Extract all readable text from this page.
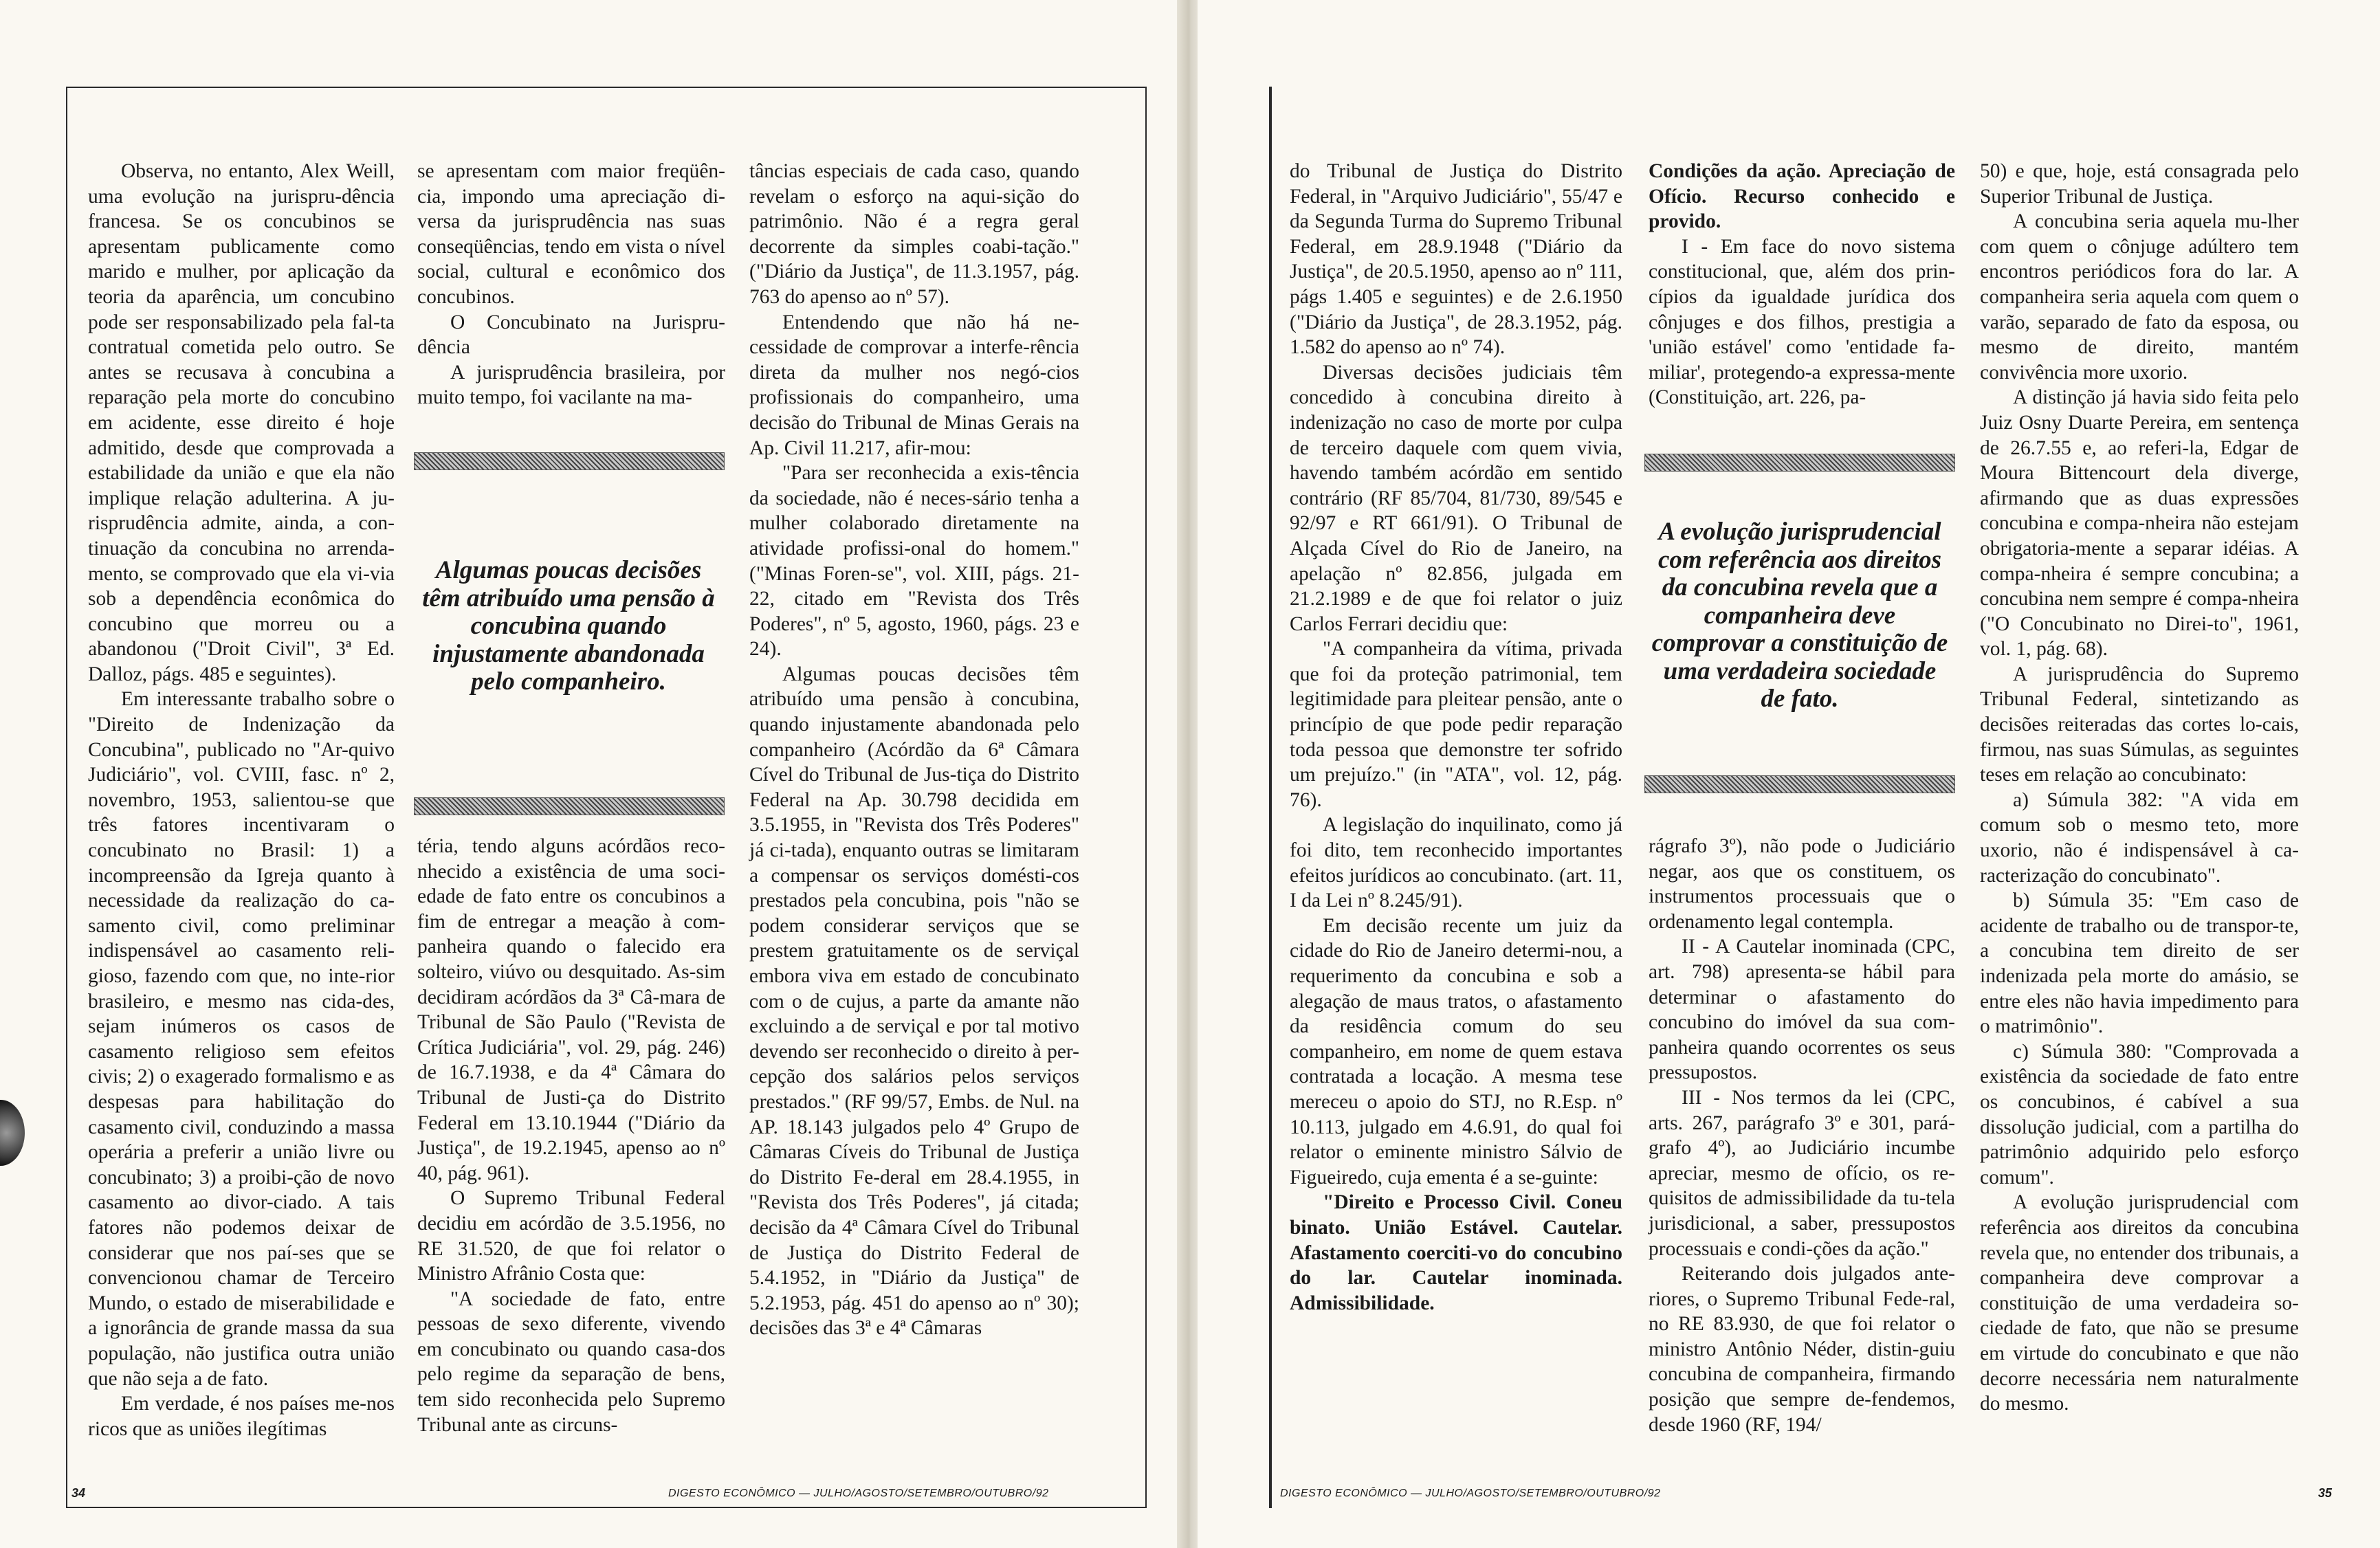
Observa, no entanto, Alex Weill, uma evolução na jurispru-dência francesa. Se os concubinos se apresentam publicamente como marido e mulher, por aplicação da teoria da aparência, um concubino pode ser responsabilizado pela fal-ta contratual cometida pelo outro. Se antes se recusava à concubina a reparação pela morte do concubino em acidente, esse direito é hoje admitido, desde que comprovada a estabilidade da união e que ela não implique relação adulterina. A ju-risprudência admite, ainda, a con-tinuação da concubina no arrenda-mento, se comprovado que ela vi-via sob a dependência econômica do concubino que morreu ou a abandonou ("Droit Civil", 3ª Ed. Dalloz, págs. 485 e seguintes).

Em interessante trabalho sobre o "Direito de Indenização da Concubina", publicado no "Ar-quivo Judiciário", vol. CVIII, fasc. nº 2, novembro, 1953, salientou-se que três fatores incentivaram o concubinato no Brasil: 1) a incompreensão da Igreja quanto à necessidade da realização do ca-samento civil, como preliminar indispensável ao casamento reli-gioso, fazendo com que, no inte-rior brasileiro, e mesmo nas cida-des, sejam inúmeros os casos de casamento religioso sem efeitos civis; 2) o exagerado formalismo e as despesas para habilitação do casamento civil, conduzindo a massa operária a preferir a união livre ou concubinato; 3) a proibi-ção de novo casamento ao divor-ciado. A tais fatores não podemos deixar de considerar que nos paí-ses que se convencionou chamar de Terceiro Mundo, o estado de miserabilidade e a ignorância de grande massa da sua população, não justifica outra união que não seja a de fato.

Em verdade, é nos países me-nos ricos que as uniões ilegítimas

se apresentam com maior freqüên-cia, impondo uma apreciação di-versa da jurisprudência nas suas conseqüências, tendo em vista o nível social, cultural e econômico dos concubinos.

O Concubinato na Jurispru-dência

A jurisprudência brasileira, por muito tempo, foi vacilante na ma-

Algumas poucas decisões têm atribuído uma pensão à concubina quando injustamente abandonada pelo companheiro.

téria, tendo alguns acórdãos reco-nhecido a existência de uma soci-edade de fato entre os concubinos a fim de entregar a meação à com-panheira quando o falecido era solteiro, viúvo ou desquitado. As-sim decidiram acórdãos da 3ª Câ-mara de Tribunal de São Paulo ("Revista de Crítica Judiciária", vol. 29, pág. 246) de 16.7.1938, e da 4ª Câmara do Tribunal de Justi-ça do Distrito Federal em 13.10.1944 ("Diário da Justiça", de 19.2.1945, apenso ao nº 40, pág. 961).

O Supremo Tribunal Federal decidiu em acórdão de 3.5.1956, no RE 31.520, de que foi relator o Ministro Afrânio Costa que:

"A sociedade de fato, entre pessoas de sexo diferente, vivendo em concubinato ou quando casa-dos pelo regime da separação de bens, tem sido reconhecida pelo Supremo Tribunal ante as circuns-

tâncias especiais de cada caso, quando revelam o esforço na aqui-sição do patrimônio. Não é a regra geral decorrente da simples coabi-tação." ("Diário da Justiça", de 11.3.1957, pág. 763 do apenso ao nº 57).

Entendendo que não há ne-cessidade de comprovar a interfe-rência direta da mulher nos negó-cios profissionais do companheiro, uma decisão do Tribunal de Minas Gerais na Ap. Civil 11.217, afir-mou:

"Para ser reconhecida a exis-tência da sociedade, não é neces-sário tenha a mulher colaborado diretamente na atividade profissi-onal do homem." ("Minas Foren-se", vol. XIII, págs. 21-22, citado em "Revista dos Três Poderes", nº 5, agosto, 1960, págs. 23 e 24).

Algumas poucas decisões têm atribuído uma pensão à concubina, quando injustamente abandonada pelo companheiro (Acórdão da 6ª Câmara Cível do Tribunal de Jus-tiça do Distrito Federal na Ap. 30.798 decidida em 3.5.1955, in "Revista dos Três Poderes" já ci-tada), enquanto outras se limitaram a compensar os serviços domésti-cos prestados pela concubina, pois "não se podem considerar serviços que se prestem gratuitamente os de serviçal embora viva em estado de concubinato com o de cujus, a parte da amante não excluindo a de serviçal e por tal motivo devendo ser reconhecido o direito à per-cepção dos salários pelos serviços prestados." (RF 99/57, Embs. de Nul. na AP. 18.143 julgados pelo 4º Grupo de Câmaras Cíveis do Tribunal de Justiça do Distrito Fe-deral em 28.4.1955, in "Revista dos Três Poderes", já citada; decisão da 4ª Câmara Cível do Tribunal de Justiça do Distrito Federal de 5.4.1952, in "Diário da Justiça" de 5.2.1953, pág. 451 do apenso ao nº 30); decisões das 3ª e 4ª Câmaras

34	DIGESTO ECONÔMICO — JULHO/AGOSTO/SETEMBRO/OUTUBRO/92

do Tribunal de Justiça do Distrito Federal, in "Arquivo Judiciário", 55/47 e da Segunda Turma do Supremo Tribunal Federal, em 28.9.1948 ("Diário da Justiça", de 20.5.1950, apenso ao nº 111, págs 1.405 e seguintes) e de 2.6.1950 ("Diário da Justiça", de 28.3.1952, pág. 1.582 do apenso ao nº 74).

Diversas decisões judiciais têm concedido à concubina direito à indenização no caso de morte por culpa de terceiro daquele com quem vivia, havendo também acórdão em sentido contrário (RF 85/704, 81/730, 89/545 e 92/97 e RT 661/91). O Tribunal de Alçada Cível do Rio de Janeiro, na apelação nº 82.856, julgada em 21.2.1989 e de que foi relator o juiz Carlos Ferrari decidiu que:

"A companheira da vítima, privada que foi da proteção patrimonial, tem legitimidade para pleitear pensão, ante o princípio de que pode pedir reparação toda pessoa que demonstre ter sofrido um prejuízo." (in "ATA", vol. 12, pág. 76).

A legislação do inquilinato, como já foi dito, tem reconhecido importantes efeitos jurídicos ao concubinato. (art. 11, I da Lei nº 8.245/91).

Em decisão recente um juiz da cidade do Rio de Janeiro determi-nou, a requerimento da concubina e sob a alegação de maus tratos, o afastamento da residência comum do seu companheiro, em nome de quem estava contratada a locação. A mesma tese mereceu o apoio do STJ, no R.Esp. nº 10.113, julgado em 4.6.91, do qual foi relator o eminente ministro Sálvio de Figueiredo, cuja ementa é a se-guinte:

"Direito e Processo Civil. Coneu binato. União Estável. Cautelar. Afastamento coerciti-vo do concubino do lar. Cautelar inominada. Admissibilidade.

Condições da ação. Apreciação de Ofício. Recurso conhecido e provido.

I - Em face do novo sistema constitucional, que, além dos prin-cípios da igualdade jurídica dos cônjuges e dos filhos, prestigia a 'união estável' como 'entidade fa-miliar', protegendo-a expressa-mente (Constituição, art. 226, pa-

A evolução jurisprudencial com referência aos direitos da concubina revela que a companheira deve comprovar a constituição de uma verdadeira sociedade de fato.

rágrafo 3º), não pode o Judiciário negar, aos que os constituem, os instrumentos processuais que o ordenamento legal contempla.

II - A Cautelar inominada (CPC, art. 798) apresenta-se hábil para determinar o afastamento do concubino do imóvel da sua com-panheira quando ocorrentes os seus pressupostos.

III - Nos termos da lei (CPC, arts. 267, parágrafo 3º e 301, pará-grafo 4º), ao Judiciário incumbe apreciar, mesmo de ofício, os re-quisitos de admissibilidade da tu-tela jurisdicional, a saber, pressupostos processuais e condi-ções da ação."

Reiterando dois julgados ante-riores, o Supremo Tribunal Fede-ral, no RE 83.930, de que foi relator o ministro Antônio Néder, distin-guiu concubina de companheira, firmando posição que sempre de-fendemos, desde 1960 (RF, 194/

50) e que, hoje, está consagrada pelo Superior Tribunal de Justiça.

A concubina seria aquela mu-lher com quem o cônjuge adúltero tem encontros periódicos fora do lar. A companheira seria aquela com quem o varão, separado de fato da esposa, ou mesmo de direito, mantém convivência more uxorio.

A distinção já havia sido feita pelo Juiz Osny Duarte Pereira, em sentença de 26.7.55 e, ao referi-la, Edgar de Moura Bittencourt dela diverge, afirmando que as duas expressões concubina e compa-nheira não estejam obrigatoria-mente a separar idéias. A compa-nheira é sempre concubina; a concubina nem sempre é compa-nheira ("O Concubinato no Direi-to", 1961, vol. 1, pág. 68).

A jurisprudência do Supremo Tribunal Federal, sintetizando as decisões reiteradas das cortes lo-cais, firmou, nas suas Súmulas, as seguintes teses em relação ao concubinato:

a) Súmula 382: "A vida em comum sob o mesmo teto, more uxorio, não é indispensável à ca-racterização do concubinato".

b) Súmula 35: "Em caso de acidente de trabalho ou de transpor-te, a concubina tem direito de ser indenizada pela morte do amásio, se entre eles não havia impedimento para o matrimônio".

c) Súmula 380: "Comprovada a existência da sociedade de fato entre os concubinos, é cabível a sua dissolução judicial, com a partilha do patrimônio adquirido pelo esforço comum".

A evolução jurisprudencial com referência aos direitos da concubina revela que, no entender dos tribunais, a companheira deve comprovar a constituição de uma verdadeira so-ciedade de fato, que não se presume em virtude do concubinato e que não decorre necessária nem naturalmente do mesmo.

DIGESTO ECONÔMICO — JULHO/AGOSTO/SETEMBRO/OUTUBRO/92	35
